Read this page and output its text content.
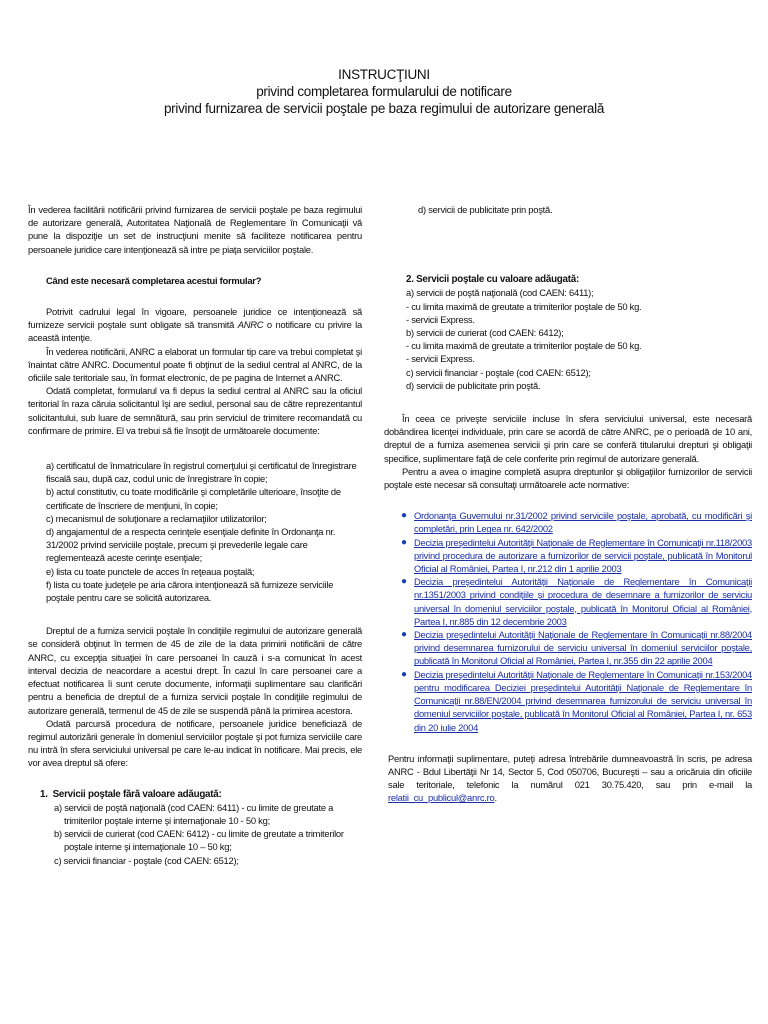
INSTRUCŢIUNI
privind completarea formularului de notificare
privind furnizarea de servicii poştale pe baza regimului de autorizare generală

În vederea facilitării notificării privind furnizarea de servicii poştale pe baza regimului de autorizare generală, Autoritatea Naţională de Reglementare în Comunicaţii vă pune la dispoziţie un set de instrucţiuni menite să faciliteze notificarea pentru persoanele juridice care intenţionează să intre pe piaţa serviciilor poştale.

Când este necesară completarea acestui formular?

Potrivit cadrului legal în vigoare, persoanele juridice ce intenţionează să furnizeze servicii poştale sunt obligate să transmită ANRC o notificare cu privire la această intenţie.

În vederea notificării, ANRC a elaborat un formular tip care va trebui completat şi înaintat către ANRC. Documentul poate fi obţinut de la sediul central al ANRC, de la oficiile sale teritoriale sau, în format electronic, de pe pagina de Internet a ANRC.

Odată completat, formularul va fi depus la sediul central al ANRC sau la oficiul teritorial în raza căruia solicitantul îşi are sediul, personal sau de către reprezentantul solicitantului, sub luare de semnătură, sau prin serviciul de trimitere recomandată cu confirmare de primire. El va trebui să fie însoţit de următoarele documente:

a) certificatul de înmatriculare în registrul comerţului şi certificatul de înregistrare fiscală sau, după caz, codul unic de înregistrare în copie;

b) actul constitutiv, cu toate modificările şi completările ulterioare, însoţite de certificate de înscriere de menţiuni, în copie;

c) mecanismul de soluţionare a reclamaţiilor utilizatorilor;

d) angajamentul de a respecta cerinţele esenţiale definite în Ordonanţa nr. 31/2002 privind serviciile poştale, precum şi prevederile legale care reglementează aceste cerinţe esenţiale;

e) lista cu toate punctele de acces în reţeaua poştală;

f) lista cu toate judeţele pe aria cărora intenţionează să furnizeze serviciile poştale pentru care se solicită autorizarea.

Dreptul de a furniza servicii poştale în condiţiile regimului de autorizare generală se consideră obţinut în termen de 45 de zile de la data primirii notificării de către ANRC, cu excepţia situaţiei în care persoanei în cauză i s-a comunicat în acest interval decizia de neacordare a acestui drept. În cazul în care persoanei care a efectuat notificarea îi sunt cerute documente, informaţii suplimentare sau clarificări pentru a beneficia de dreptul de a furniza servicii poştale în condiţiile regimului de autorizare generală, termenul de 45 de zile se suspendă până la primirea acestora.

Odată parcursă procedura de notificare, persoanele juridice beneficiază de regimul autorizării generale în domeniul serviciilor poştale şi pot furniza serviciile care nu intră în sfera serviciului universal pe care le-au indicat în notificare. Mai precis, ele vor avea dreptul să ofere:

1. Servicii poştale fără valoare adăugată:

a) servicii de poştă naţională (cod CAEN: 6411) - cu limite de greutate a trimiterilor poştale interne şi internaţionale 10 - 50 kg;

b) servicii de curierat (cod CAEN: 6412) - cu limite de greutate a trimiterilor poştale interne şi internaţionale 10 – 50 kg;

c) servicii financiar - poştale (cod CAEN: 6512);

d) servicii de publicitate prin poştă.

2. Servicii poştale cu valoare adăugată:

a) servicii de poştă naţională (cod CAEN: 6411);

- cu limita maximă de greutate a trimiterilor poştale de 50 kg.

- servicii Express.

b) servicii de curierat (cod CAEN: 6412);

- cu limita maximă de greutate a trimiterilor poştale de 50 kg.

- servicii Express.

c) servicii financiar - poştale (cod CAEN: 6512);

d) servicii de publicitate prin poştă.

În ceea ce priveşte serviciile incluse în sfera serviciului universal, este necesară dobândirea licenţei individuale, prin care se acordă de către ANRC, pe o perioadă de 10 ani, dreptul de a furniza asemenea servicii şi prin care se conferă titularului drepturi şi obligaţii specifice, suplimentare faţă de cele conferite prin regimul de autorizare generală.

Pentru a avea o imagine completă asupra drepturilor şi obligaţiilor furnizorilor de servicii poştale este necesar să consultaţi următoarele acte normative:

● Ordonanţa Guvernului nr.31/2002 privind serviciile poştale, aprobată, cu modificări şi completări, prin Legea nr. 642/2002
● Decizia preşedintelui Autorităţii Naţionale de Reglementare în Comunicaţii nr.118/2003 privind procedura de autorizare a furnizorilor de servicii poştale, publicată în Monitorul Oficial al României, Partea I, nr.212 din 1 aprilie 2003
● Decizia preşedintelui Autorităţii Naţionale de Reglementare în Comunicaţii nr.1351/2003 privind condiţiile şi procedura de desemnare a furnizorilor de serviciu universal în domeniul serviciilor poştale, publicată în Monitorul Oficial al României, Partea I, nr.885 din 12 decembrie 2003
● Decizia preşedintelui Autorităţii Naţionale de Reglementare în Comunicaţii nr.88/2004 privind desemnarea furnizorului de serviciu universal în domeniul serviciilor poştale, publicată în Monitorul Oficial al României, Partea I, nr.355 din 22 aprilie 2004
● Decizia preşedintelui Autorităţii Naţionale de Reglementare în Comunicaţii nr.153/2004 pentru modificarea Deciziei preşedintelui Autorităţii Naţionale de Reglementare în Comunicaţii nr.88/EN/2004 privind desemnarea furnizorului de serviciu universal în domeniul serviciilor poştale, publicată în Monitorul Oficial al României, Partea I, nr. 653 din 20 iulie 2004

Pentru informaţii suplimentare, puteţi adresa întrebările dumneavoastră în scris, pe adresa ANRC - Bdul Libertăţii Nr 14, Sector 5, Cod 050706, Bucureşti – sau a oricăruia din oficiile sale teritoriale, telefonic la numărul 021 30.75.420, sau prin e-mail la relatii_cu_publicul@anrc.ro.
